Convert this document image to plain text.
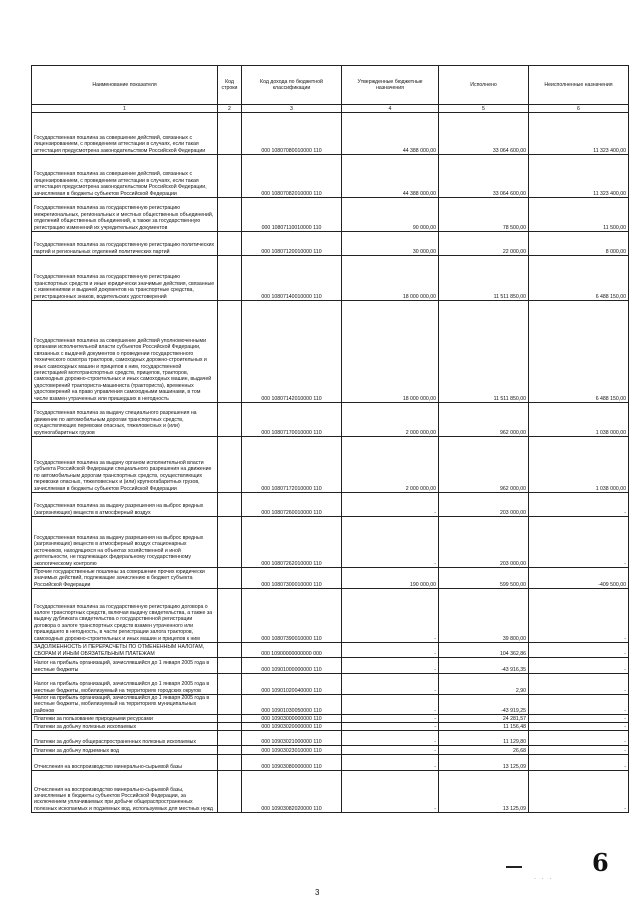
Наименование показателя	Код строки	Код дохода по бюджетной классификации	Утвержденные бюджетные назначения	Исполнено	Неисполненные назначения
1	2	3	4	5	6
Государственная пошлина за совершение действий, связанных с лицензированием, с проведением аттестации в случаях, если такая аттестация предусмотрена законодательством Российской Федерации		000 10807080010000 110	44 388 000,00	33 064 600,00	11 323 400,00
Государственная пошлина за совершение действий, связанных с лицензированием, с проведением аттестации в случаях, если такая аттестация предусмотрена законодательством Российской Федерации, зачисляемая в бюджеты субъектов Российской Федерации		000 10807082010000 110	44 388 000,00	33 064 600,00	11 323 400,00
Государственная пошлина за государственную регистрацию межрегиональных, региональных и местных общественных объединений, отделений общественных объединений, а также за государственную регистрацию изменений их учредительных документов		000 10807110010000 110	90 000,00	78 500,00	11 500,00
Государственная пошлина за государственную регистрацию политических партий и региональных отделений политических партий		000 10807120010000 110	30 000,00	22 000,00	8 000,00
Государственная пошлина за государственную регистрацию транспортных средств и иные юридически значимые действия, связанные с изменениями и выдачей документов на транспортные средства, регистрационных знаков, водительских удостоверений		000 10807140010000 110	18 000 000,00	11 511 850,00	6 488 150,00
Государственная пошлина за совершение действий уполномоченными органами исполнительной власти субъектов Российской Федерации, связанных с выдачей документов о проведении государственного технического осмотра тракторов, самоходных дорожно-строительных и иных самоходных машин и прицепов к ним, государственной регистрацией мототранспортных средств, прицепов, тракторов, самоходных дорожно-строительных и иных самоходных машин, выдачей удостоверений тракториста-машиниста (тракториста), временных удостоверений на право управления самоходными машинами, в том числе взамен утраченных или пришедших в негодность		000 10807142010000 110	18 000 000,00	11 511 850,00	6 488 150,00
Государственная пошлина за выдачу специального разрешения на движение по автомобильным дорогам транспортных средств, осуществляющих перевозки опасных, тяжеловесных и (или) крупногабаритных грузов		000 10807170010000 110	2 000 000,00	962 000,00	1 038 000,00
Государственная пошлина за выдачу органом исполнительной власти субъекта Российской Федерации специального разрешения на движение по автомобильным дорогам транспортных средств, осуществляющих перевозки опасных, тяжеловесных и (или) крупногабаритных грузов, зачисляемая в бюджеты субъектов Российской Федерации		000 10807172010000 110	2 000 000,00	962 000,00	1 038 000,00
Государственная пошлина за выдачу разрешения на выброс вредных (загрязняющих) веществ в атмосферный воздух		000 10807260010000 110	-	203 000,00	-
Государственная пошлина за выдачу разрешения на выброс вредных (загрязняющих) веществ в атмосферный воздух стационарных источников, находящихся на объектах хозяйственной и иной деятельности, не подлежащих федеральному государственному экологическому контролю		000 10807262010000 110	-	203 000,00	-
Прочие государственные пошлины за совершение прочих юридически значимых действий, подлежащие зачислению в бюджет субъекта Российской Федерации		000 10807300010000 110	190 000,00	599 500,00	-409 500,00
Государственная пошлина за государственную регистрацию договора о залоге транспортных средств, включая выдачу свидетельства, а также за выдачу дубликата свидетельства о государственной регистрации договора о залоге транспортных средств взамен утраченного или пришедшего в негодность, в части регистрации залога тракторов, самоходных дорожно-строительных и иных машин и прицепов к ним		000 10807390010000 110	-	39 800,00	-
ЗАДОЛЖЕННОСТЬ И ПЕРЕРАСЧЕТЫ ПО ОТМЕНЕННЫМ НАЛОГАМ, СБОРАМ И ИНЫМ ОБЯЗАТЕЛЬНЫМ ПЛАТЕЖАМ		000 10900000000000 000	-	104 362,86	-
Налог на прибыль организаций, зачислявшийся до 1 января 2005 года в местные бюджеты		000 10901000000000 110	-	-43 916,35	-
Налог на прибыль организаций, зачислявшийся до 1 января 2005 года в местные бюджеты, мобилизуемый на территориях городских округов		000 10901020040000 110	-	2,90	-
Налог на прибыль организаций, зачислявшийся до 1 января 2005 года в местные бюджеты, мобилизуемый на территориях муниципальных районов		000 10901030050000 110	-	-43 919,25	-
Платежи за пользование природными ресурсами		000 10903000000000 110	-	24 281,57	-
Платежи за добычу полезных ископаемых		000 10903020000000 110	-	11 156,48	-
Платежи за добычу общераспространенных полезных ископаемых		000 10903021000000 110	-	11 129,80	-
Платежи за добычу подземных вод		000 10903023010000 110	-	26,68	-
Отчисления на воспроизводство минерально-сырьевой базы		000 10903080000000 110	-	13 125,09	-
Отчисления на воспроизводство минерально-сырьевой базы, зачисляемые в бюджеты субъектов Российской Федерации, за исключением уплачиваемых при добыче общераспространенных полезных ископаемых и подземных вод, используемых для местных нужд		000 10903082020000 110	-	13 125,09	-
3
6
· · ·
